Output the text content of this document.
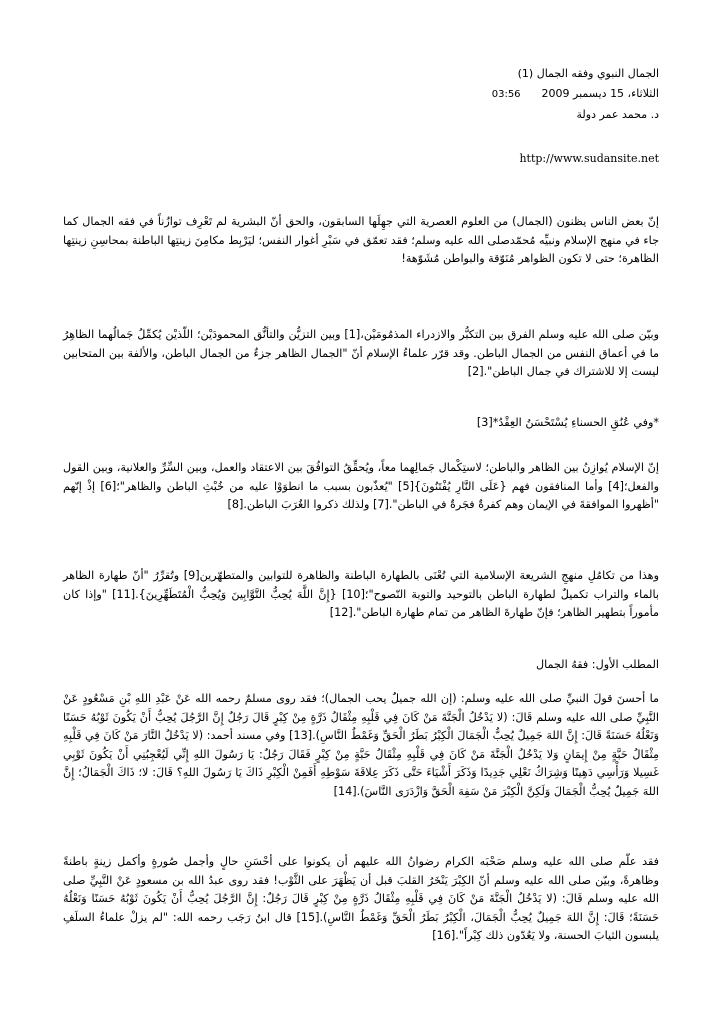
الجمال النبوي وفقه الجمال (1)

الثلاثاء، 15 ديسمبر 2009  03:56

د. محمد عمر دولة

http://www.sudansite.net

إنّ بعض الناس يظنون (الجمال) من العلوم العصرية التي جهِلَها السابقون، والحق أنّ البشرية لم تَعْرِف توازُناً في فقه الجمال كما جاء في منهج الإسلام ونبيِّه مُحمّدصلى الله عليه وسلم؛ فقد تعمّق في سَبْرِ أغوار النفس؛ ليَرْبِط مكامِنَ زينتِها الباطنة بمحاسِنِ زينتِها الظاهرة؛ حتى لا تكون الظواهر مُنَوّقة والبواطن مُشَوّهة!

وبيّن صلى الله عليه وسلم الفرق بين التكبُّر والازدراء المذمُومَيْن،[1] وبين التزيُّن والتأنُّق المحمودَيْن؛ اللّذيْن يُكمِّلُ جَمالُهما الظاهِرُ ما في أعماق النفس من الجمال الباطن. وقد قرّر علماءُ الإسلام أنّ "الجمال الظاهر جزءٌ من الجمال الباطن، والألفة بين المتحابين ليست إلا للاشتراك في جمال الباطن".[2]

*وفي عُنُقِ الحسناءِ يُسْتَحْسَنُ العِقْدُ*[3]

إنّ الإسلام يُوازِنُ بين الظاهر والباطن؛ لاستِكْمال جَمالِهما معاً، ويُحقِّقُ التوافُقَ بين الاعتقاد والعمل، وبين السِّرِّ والعلانية، وبين القول والفعل؛[4] وأما المنافقون فهم {عَلَى النَّارِ يُفْتَنُونَ}[5] "يُعذّبون بسبب ما انطوَوْا عليه من خُبْثِ الباطن والظاهر"؛[6] إذْ إنّهم "أظهروا الموافقةَ في الإيمان وهم كفرةٌ فجَرةٌ في الباطن".[7] ولذلك ذكروا الغُرَبَ الباطن.[8]

وهذا من تكامُلِ منهجِ الشريعة الإسلامية التي تُعْنَى بالطهارة الباطنة والظاهرة للتوابين والمتطهّرين[9] وتُقرِّرُ "أنّ طهارة الظاهر بالماء والتراب تكميلٌ لطهارة الباطن بالتوحيد والتوبة النّصوح"؛[10] {إِنَّ اللَّهَ يُحِبُّ التَّوَّابِينَ وَيُحِبُّ الْمُتَطَهِّرِينَ}.[11] "وإذا كان مأموراً بتطهير الظاهر؛ فإنّ طهارةَ الظاهر من تمام طهارة الباطن".[12]

المطلب الأول: فقهُ الجمال

ما أحسنَ قولَ النبيِّ صلى الله عليه وسلم: (إن الله جميلٌ يحب الجمال)؛ فقد روى مسلمٌ رحمه الله عَنْ عَبْدِ اللهِ بْنِ مَسْعُودٍ عَنْ النَّبِيِّ صلى الله عليه وسلم قَالَ: (لا يَدْخُلُ الْجَنَّةَ مَنْ كَانَ فِي قَلْبِهِ مِثْقَالُ ذَرَّةٍ مِنْ كِبْرٍ قَالَ رَجُلٌ إِنَّ الرَّجُلَ يُحِبُّ أَنْ يَكُونَ ثَوْبُهُ حَسَنًا وَنَعْلُهُ حَسَنَةً قَالَ: إِنَّ اللهَ جَمِيلٌ يُحِبُّ الْجَمَالَ الْكِبْرُ بَطَرُ الْحَقِّ وَغَمْطُ النَّاسِ).[13] وفي مسند أحمد: (لا يَدْخُلُ النَّارَ مَنْ كَانَ فِي قَلْبِهِ مِثْقَالُ حَبَّةٍ مِنْ إِيمَانٍ وَلا يَدْخُلُ الْجَنَّةَ مَنْ كَانَ فِي قَلْبِهِ مِثْقَالُ حَبَّةٍ مِنْ كِبْرٍ فَقَالَ رَجُلٌ: يَا رَسُولَ اللهِ إِنِّي لَيُعْجِبُنِي أَنْ يَكُونَ ثَوْبِي غَسِيلا وَرَأْسِي دَهِينًا وَشِرَاكُ نَعْلِي جَدِيدًا وَذَكَرَ أَشْيَاءَ حَتَّى ذَكَرَ عِلاقَةَ سَوْطِهِ أَفَمِنْ الْكِبْرِ ذَاكَ يَا رَسُولَ اللهِ؟ قَالَ: لا؛ ذَاكَ الْجَمَالُ؛ إِنَّ اللهَ جَمِيلٌ يُحِبُّ الْجَمَالَ وَلَكِنَّ الْكِبْرَ مَنْ سَفِهَ الْحَقَّ وَازْدَرَى النَّاسَ).[14]

فقد علّم صلى الله عليه وسلم صَحْبَه الكرام رضوانُ الله عليهم أن يكونوا على أحْسَنِ حالٍ وأجمل صُورةٍ وأكمل زينةٍ باطنةً وظاهرةً، وبيّن صلى الله عليه وسلم أنّ الكِبْرَ يَنْخَرُ القلبَ قبل أن يَظْهَرَ على الثَّوْب! فقد روى عبدُ الله بن مسعودٍ عَنْ النَّبِيِّ صلى الله عليه وسلم قَالَ: (لا يَدْخُلُ الْجَنَّةَ مَنْ كَانَ فِي قَلْبِهِ مِثْقَالُ ذَرَّةٍ مِنْ كِبْرٍ قَالَ رَجُلٌ: إِنَّ الرَّجُلَ يُحِبُّ أَنْ يَكُونَ ثَوْبُهُ حَسَنًا وَنَعْلُهُ حَسَنَةً؛ قَالَ: إِنَّ اللهَ جَمِيلٌ يُحِبُّ الْجَمَالَ، الْكِبْرُ بَطَرُ الْحَقِّ وَغَمْطُ النَّاسِ).[15] قال ابنُ رَجَب رحمه الله: "لم يزلْ علماءُ السلَفِ يلبسون الثيابَ الحسنة، ولا يَعُدّون ذلك كِبْراً".[16]
